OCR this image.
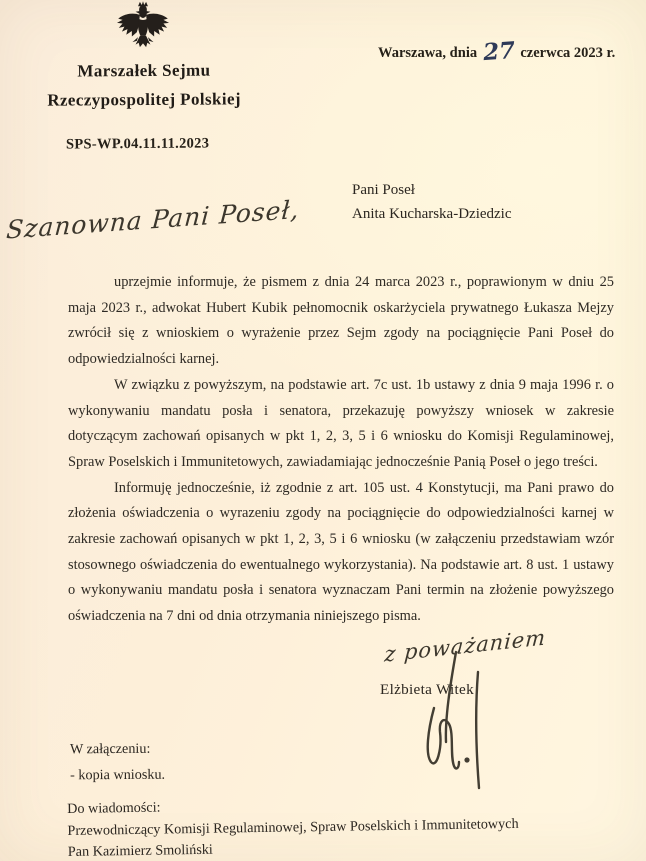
Marszałek Sejmu
Rzeczypospolitej Polskiej
Warszawa, dnia 27 czerwca 2023 r.
SPS-WP.04.11.11.2023
Pani Poseł
Anita Kucharska-Dziedzic
Szanowna Pani Poseł,

uprzejmie informuje, że pismem z dnia 24 marca 2023 r., poprawionym w dniu 25 maja 2023 r., adwokat Hubert Kubik pełnomocnik oskarżyciela prywatnego Łukasza Mejzy zwrócił się z wnioskiem o wyrażenie przez Sejm zgody na pociągnięcie Pani Poseł do odpowiedzialności karnej.

W związku z powyższym, na podstawie art. 7c ust. 1b ustawy z dnia 9 maja 1996 r. o wykonywaniu mandatu posła i senatora, przekazuję powyższy wniosek w zakresie dotyczącym zachowań opisanych w pkt 1, 2, 3, 5 i 6 wniosku do Komisji Regulaminowej, Spraw Poselskich i Immunitetowych, zawiadamiając jednocześnie Panią Poseł o jego treści.

Informuję jednocześnie, iż zgodnie z art. 105 ust. 4 Konstytucji, ma Pani prawo do złożenia oświadczenia o wyrazeniu zgody na pociągnięcie do odpowiedzialności karnej w zakresie zachowań opisanych w pkt 1, 2, 3, 5 i 6 wniosku (w załączeniu przedstawiam wzór stosownego oświadczenia do ewentualnego wykorzystania). Na podstawie art. 8 ust. 1 ustawy o wykonywaniu mandatu posła i senatora wyznaczam Pani termin na złożenie powyższego oświadczenia na 7 dni od dnia otrzymania niniejszego pisma.

z poważaniem
Elżbieta Witek
W załączeniu:
- kopia wniosku.
Do wiadomości:
Przewodniczący Komisji Regulaminowej, Spraw Poselskich i Immunitetowych
Pan Kazimierz Smoliński
